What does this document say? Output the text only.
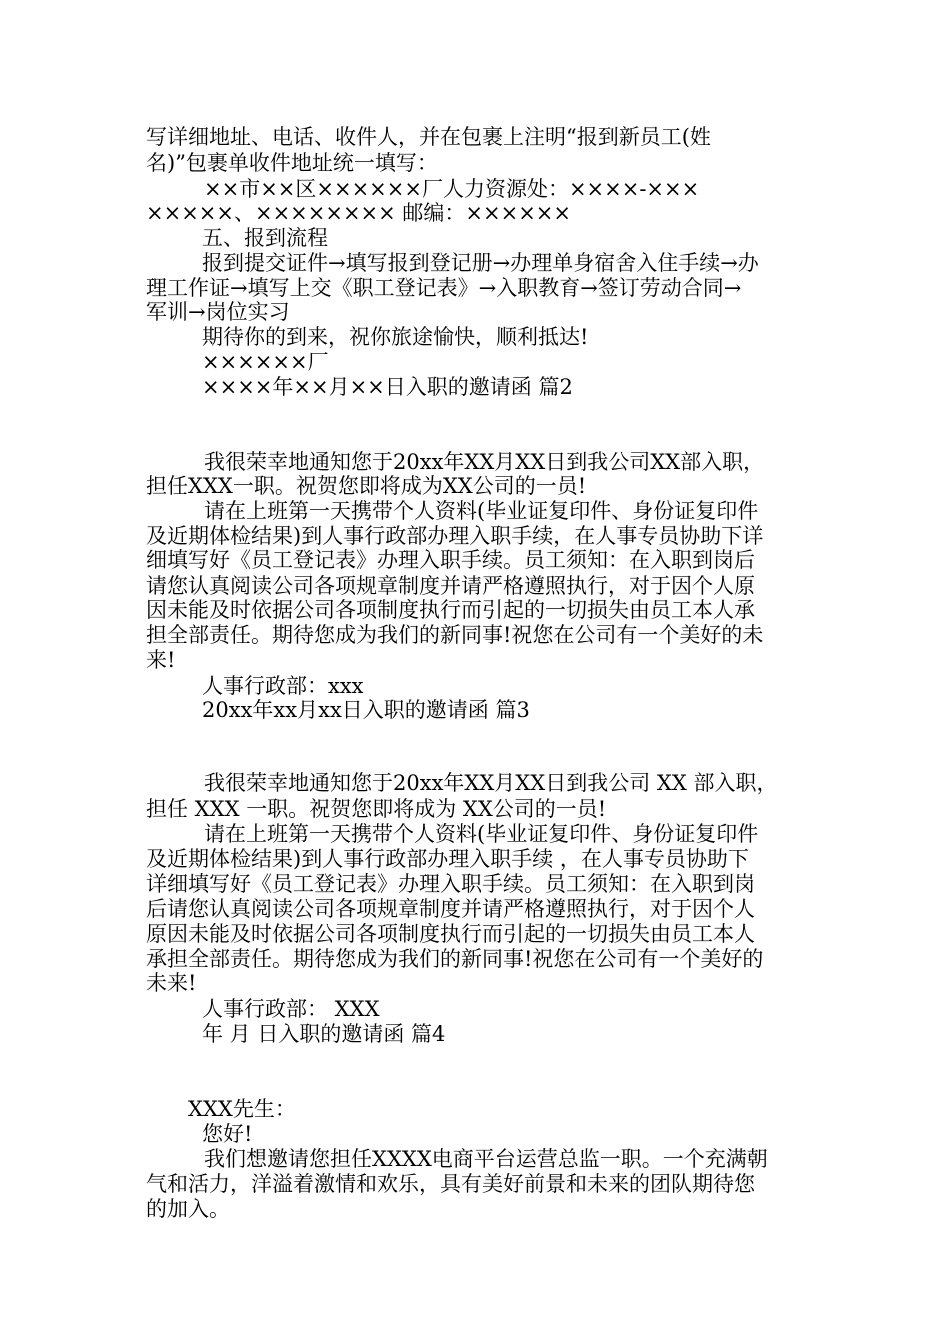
写详细地址、电话、收件人，并在包裹上注明“报到新员工(姓
名)”包裹单收件地址统一填写：
××市××区××××××厂人力资源处：××××-×××
×××××、×××××××× 邮编：××××××
五、报到流程
报到提交证件→填写报到登记册→办理单身宿舍入住手续→办
理工作证→填写上交《职工登记表》→入职教育→签订劳动合同→
军训→岗位实习
期待你的到来，祝你旅途愉快，顺利抵达!
××××××厂
××××年××月××日入职的邀请函 篇2
我很荣幸地通知您于20xx年XX月XX日到我公司XX部入职，
担任XXX一职。祝贺您即将成为XX公司的一员!
请在上班第一天携带个人资料(毕业证复印件、身份证复印件
及近期体检结果)到人事行政部办理入职手续，在人事专员协助下详
细填写好《员工登记表》办理入职手续。员工须知：在入职到岗后
请您认真阅读公司各项规章制度并请严格遵照执行，对于因个人原
因未能及时依据公司各项制度执行而引起的一切损失由员工本人承
担全部责任。期待您成为我们的新同事!祝您在公司有一个美好的未
来!
人事行政部：xxx
20xx年xx月xx日入职的邀请函 篇3
我很荣幸地通知您于20xx年XX月XX日到我公司 XX 部入职，
担任 XXX 一职。祝贺您即将成为 XX公司的一员!
请在上班第一天携带个人资料(毕业证复印件、身份证复印件
及近期体检结果)到人事行政部办理入职手续 ，在人事专员协助下
详细填写好《员工登记表》办理入职手续。员工须知：在入职到岗
后请您认真阅读公司各项规章制度并请严格遵照执行，对于因个人
原因未能及时依据公司各项制度执行而引起的一切损失由员工本人
承担全部责任。期待您成为我们的新同事!祝您在公司有一个美好的
未来!
人事行政部： XXX
年 月 日入职的邀请函 篇4
XXX先生：
您好!
我们想邀请您担任XXXX电商平台运营总监一职。一个充满朝
气和活力，洋溢着激情和欢乐，具有美好前景和未来的团队期待您
的加入。
